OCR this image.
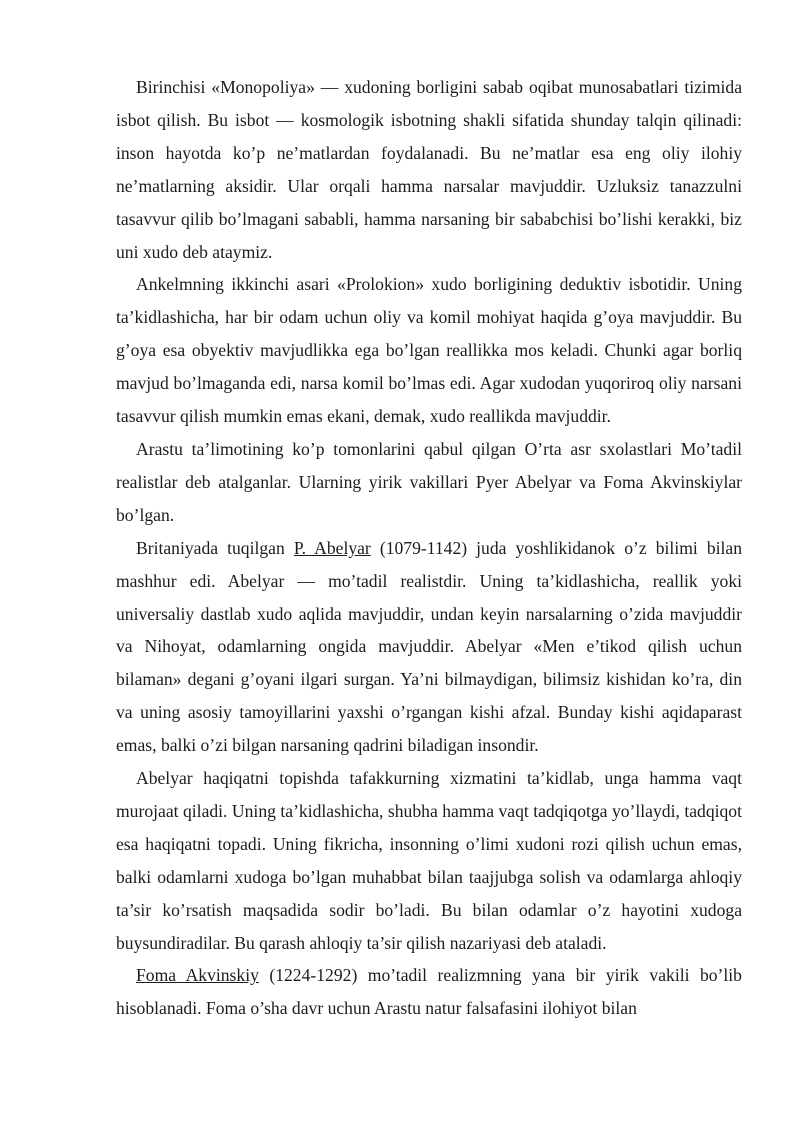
Birinchisi «Monopoliya» — xudoning borligini sabab oqibat munosabatlari tizimida isbot qilish. Bu isbot — kosmologik isbotning shakli sifatida shunday talqin qilinadi: inson hayotda ko’p ne’matlardan foydalanadi. Bu ne’matlar esa eng oliy ilohiy ne’matlarning aksidir. Ular orqali hamma narsalar mavjuddir. Uzluksiz tanazzulni tasavvur qilib bo’lmagani sababli, hamma narsaning bir sababchisi bo’lishi kerakki, biz uni xudo deb ataymiz.

Ankelmning ikkinchi asari «Prolokion» xudo borligining deduktiv isbotidir. Uning ta’kidlashicha, har bir odam uchun oliy va komil mohiyat haqida g’oya mavjuddir. Bu g’oya esa obyektiv mavjudlikka ega bo’lgan reallikka mos keladi. Chunki agar borliq mavjud bo’lmaganda edi, narsa komil bo’lmas edi. Agar xudodan yuqoriroq oliy narsani tasavvur qilish mumkin emas ekani, demak, xudo reallikda mavjuddir.

Arastu ta’limotining ko’p tomonlarini qabul qilgan O’rta asr sxolastlari Mo’tadil realistlar deb atalganlar. Ularning yirik vakillari Pyer Abelyar va Foma Akvinskiylar bo’lgan.

Britaniyada tuqilgan P. Abelyar (1079-1142) juda yoshlikidanok o’z bilimi bilan mashhur edi. Abelyar — mo’tadil realistdir. Uning ta’kidlashicha, reallik yoki universaliy dastlab xudo aqlida mavjuddir, undan keyin narsalarning o’zida mavjuddir va Nihoyat, odamlarning ongida mavjuddir. Abelyar «Men e’tikod qilish uchun bilaman» degani g’oyani ilgari surgan. Ya’ni bilmaydigan, bilimsiz kishidan ko’ra, din va uning asosiy tamoyillarini yaxshi o’rgangan kishi afzal. Bunday kishi aqidaparast emas, balki o’zi bilgan narsaning qadrini biladigan insondir.

Abelyar haqiqatni topishda tafakkurning xizmatini ta’kidlab, unga hamma vaqt murojaat qiladi. Uning ta’kidlashicha, shubha hamma vaqt tadqiqotga yo’llaydi, tadqiqot esa haqiqatni topadi. Uning fikricha, insonning o’limi xudoni rozi qilish uchun emas, balki odamlarni xudoga bo’lgan muhabbat bilan taajjubga solish va odamlarga ahloqiy ta’sir ko’rsatish maqsadida sodir bo’ladi. Bu bilan odamlar o’z hayotini xudoga buysundiradilar. Bu qarash ahloqiy ta’sir qilish nazariyasi deb ataladi.

Foma Akvinskiy (1224-1292) mo’tadil realizmning yana bir yirik vakili bo’lib hisoblanadi. Foma o’sha davr uchun Arastu natur falsafasini ilohiyot bilan
